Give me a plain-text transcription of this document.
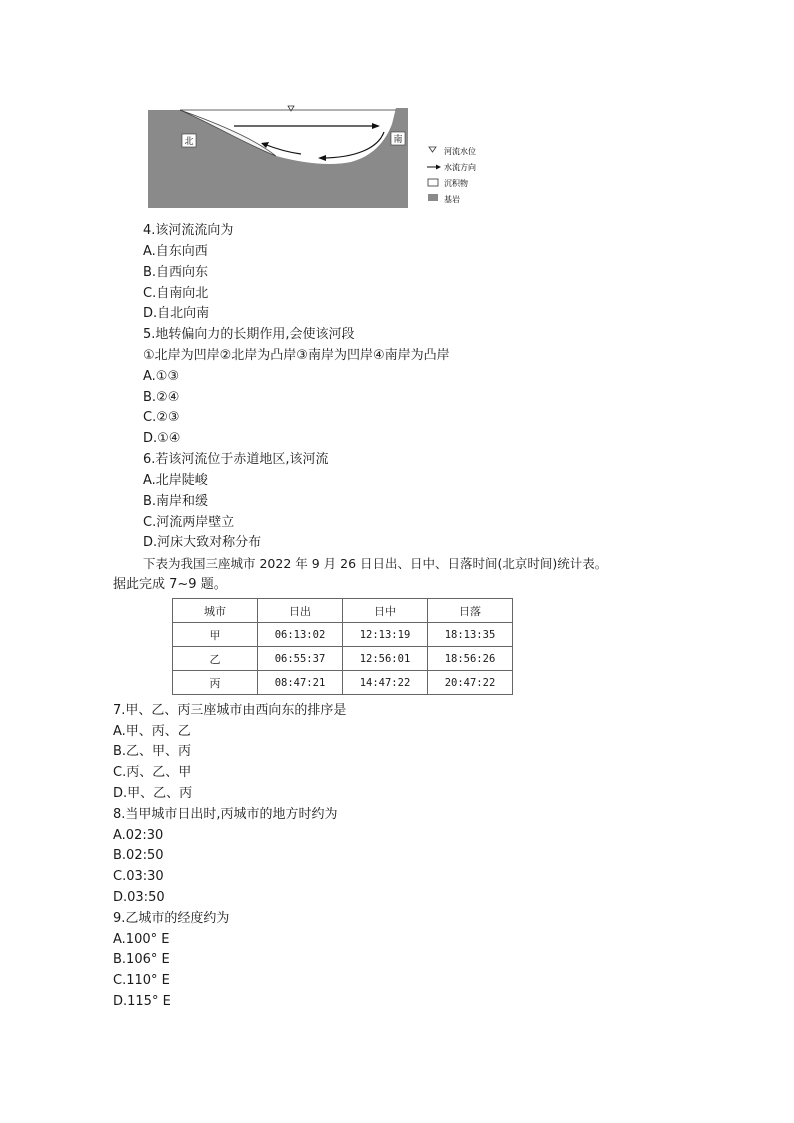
北	南
河流水位
水流方向
沉积物
基岩
4.该河流流向为
A.自东向西
B.自西向东
C.自南向北
D.自北向南
5.地转偏向力的长期作用,会使该河段
①北岸为凹岸②北岸为凸岸③南岸为凹岸④南岸为凸岸
A.①③
B.②④
C.②③
D.①④
6.若该河流位于赤道地区,该河流
A.北岸陡峻
B.南岸和缓
C.河流两岸壁立
D.河床大致对称分布
下表为我国三座城市 2022 年 9 月 26 日日出、日中、日落时间(北京时间)统计表。
据此完成 7~9 题。
城市	日出	日中	日落
甲	06:13:02	12:13:19	18:13:35
乙	06:55:37	12:56:01	18:56:26
丙	08:47:21	14:47:22	20:47:22
7.甲、乙、丙三座城市由西向东的排序是
A.甲、丙、乙
B.乙、甲、丙
C.丙、乙、甲
D.甲、乙、丙
8.当甲城市日出时,丙城市的地方时约为
A.02:30
B.02:50
C.03:30
D.03:50
9.乙城市的经度约为
A.100° E
B.106° E
C.110° E
D.115° E
